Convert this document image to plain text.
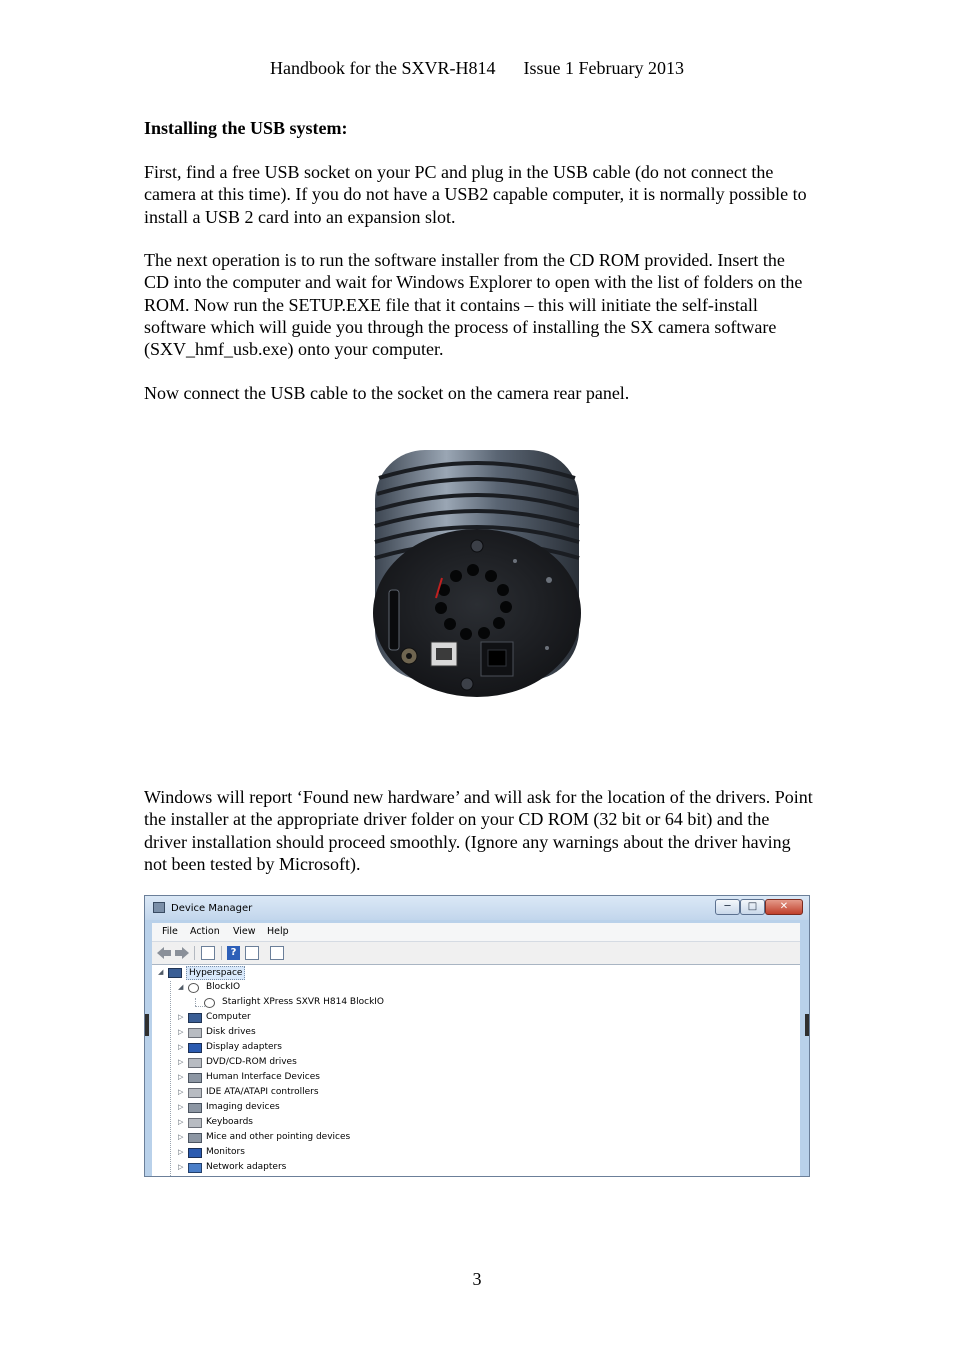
Handbook for the SXVR-H814 Issue 1 February 2013

Installing the USB system:

First, find a free USB socket on your PC and plug in the USB cable (do not connect the camera at this time). If you do not have a USB2 capable computer, it is normally possible to install a USB 2 card into an expansion slot.

The next operation is to run the software installer from the CD ROM provided. Insert the CD into the computer and wait for Windows Explorer to open with the list of folders on the ROM. Now run the SETUP.EXE file that it contains – this will initiate the self-install software which will guide you through the process of installing the SX camera software (SXV_hmf_usb.exe) onto your computer.

Now connect the USB cable to the socket on the camera rear panel.

Windows will report ‘Found new hardware’ and will ask for the location of the drivers. Point the installer at the appropriate driver folder on your CD ROM (32 bit or 64 bit) and the driver installation should proceed smoothly. (Ignore any warnings about the driver having not been tested by Microsoft).

Device Manager	─	□	✕
File Action View Help
?
◢	Hyperspace
◢	BlockIO
Starlight XPress SXVR H814 BlockIO
▷	Computer
▷	Disk drives
▷	Display adapters
▷	DVD/CD-ROM drives
▷	Human Interface Devices
▷	IDE ATA/ATAPI controllers
▷	Imaging devices
▷	Keyboards
▷	Mice and other pointing devices
▷	Monitors
▷	Network adapters
3
